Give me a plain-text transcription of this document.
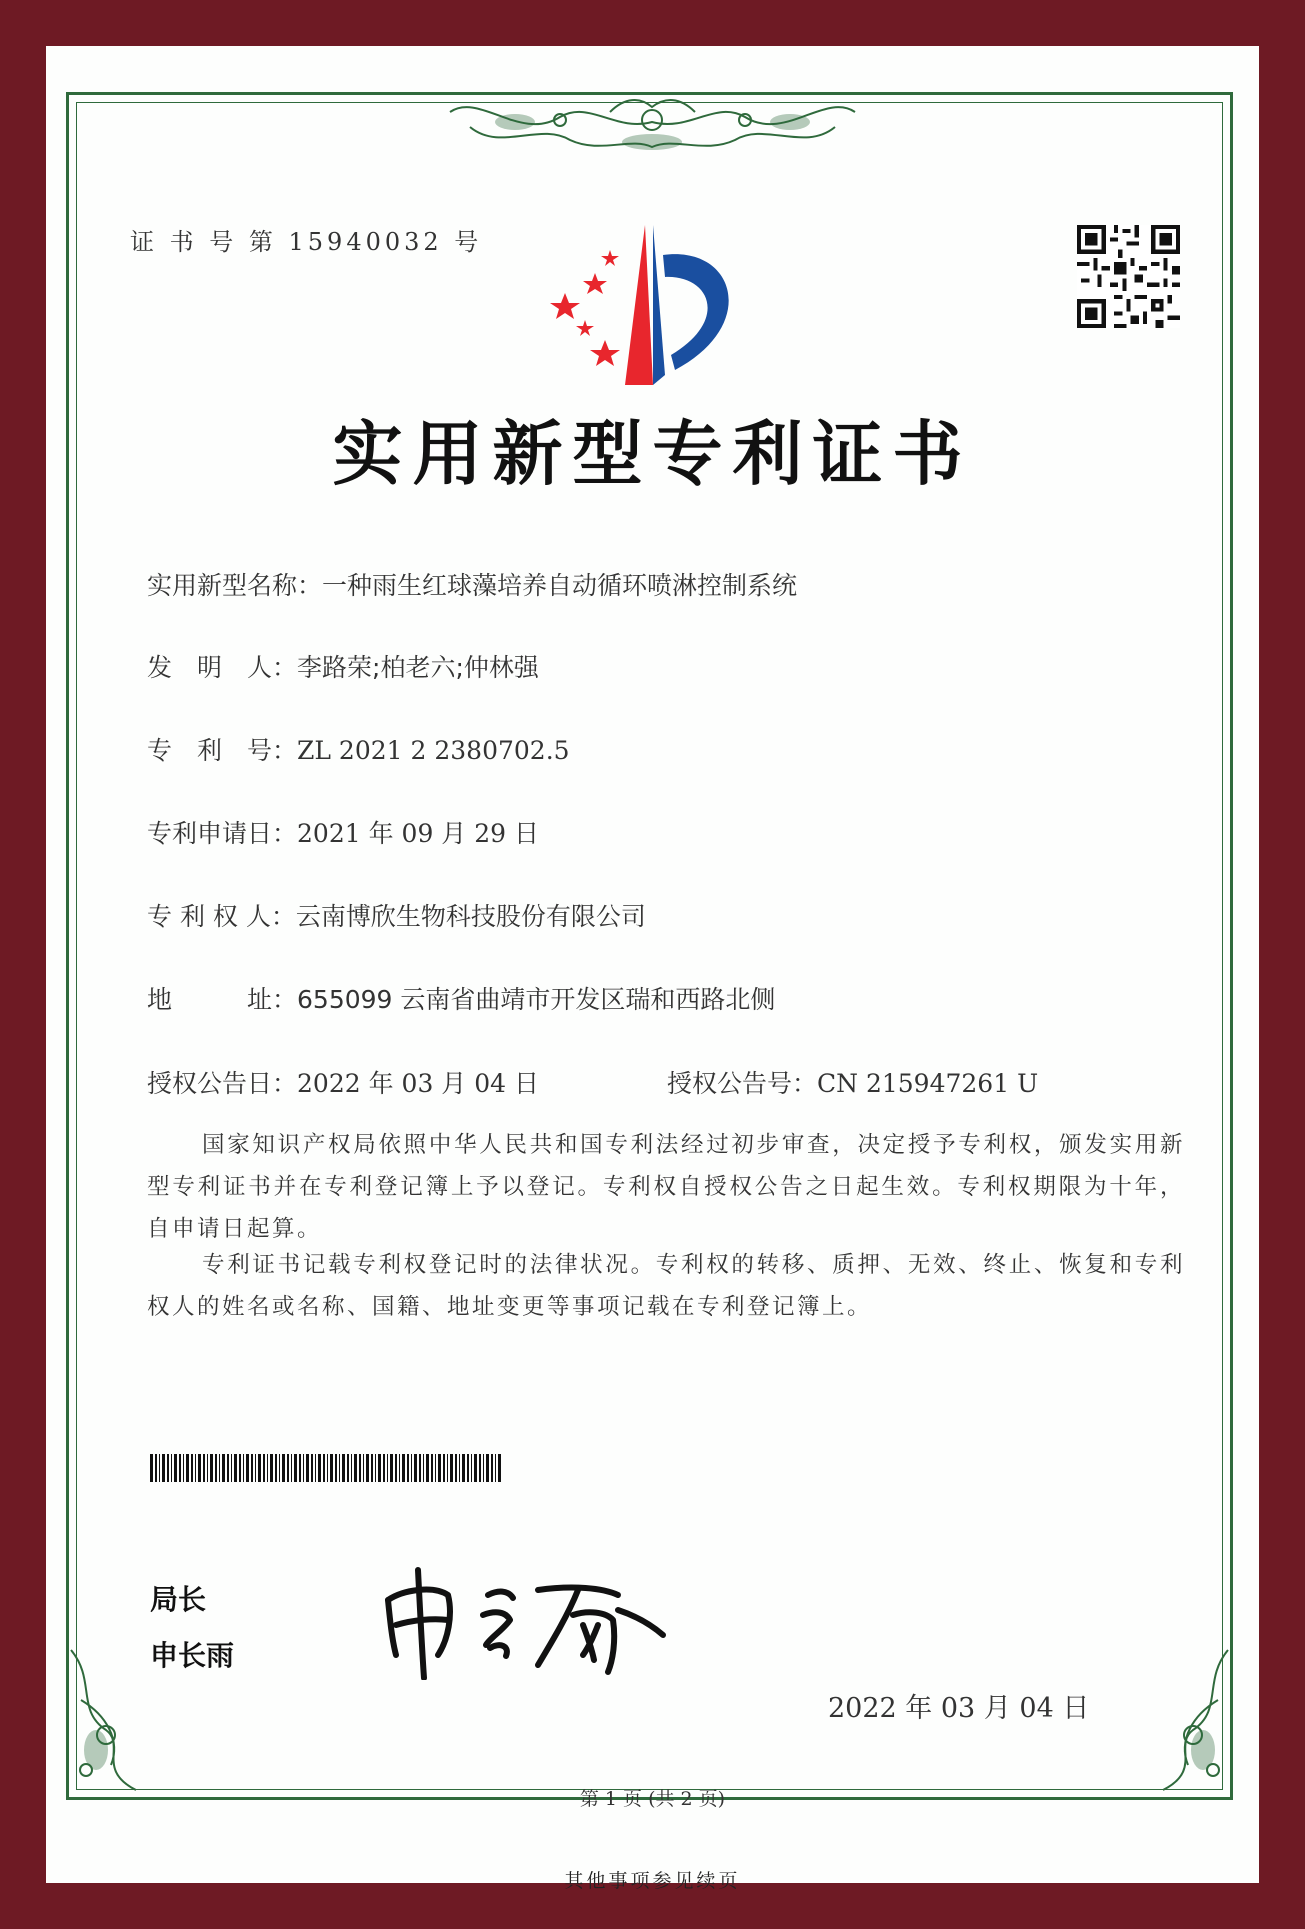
证 书 号 第 15940032 号
实用新型专利证书
实用新型名称：一种雨生红球藻培养自动循环喷淋控制系统
发　明　人：李路荣;柏老六;仲林强
专　利　号：ZL 2021 2 2380702.5
专利申请日：2021 年 09 月 29 日
专 利 权 人：云南博欣生物科技股份有限公司
地　　　址：655099 云南省曲靖市开发区瑞和西路北侧
授权公告日：2022 年 03 月 04 日	授权公告号：CN 215947261 U
国家知识产权局依照中华人民共和国专利法经过初步审查，决定授予专利权，颁发实用新型专利证书并在专利登记簿上予以登记。专利权自授权公告之日起生效。专利权期限为十年，自申请日起算。
专利证书记载专利权登记时的法律状况。专利权的转移、质押、无效、终止、恢复和专利权人的姓名或名称、国籍、地址变更等事项记载在专利登记簿上。
局长
申长雨
2022 年 03 月 04 日
第 1 页 (共 2 页)
其他事项参见续页
